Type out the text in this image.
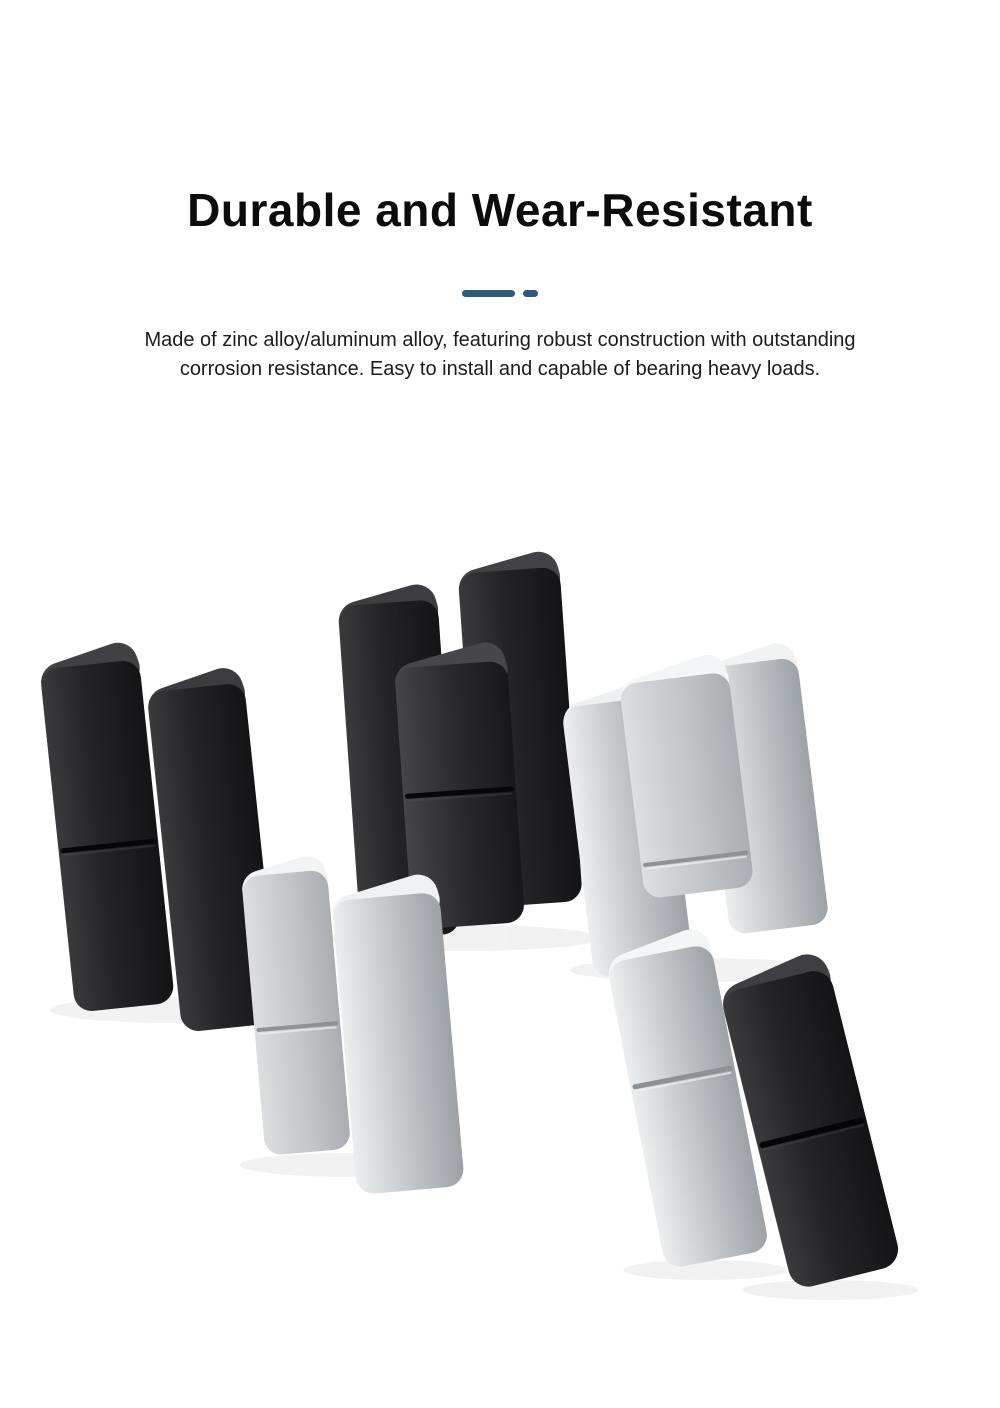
Durable and Wear-Resistant
Made of zinc alloy/aluminum alloy, featuring robust construction with outstanding
corrosion resistance. Easy to install and capable of bearing heavy loads.
